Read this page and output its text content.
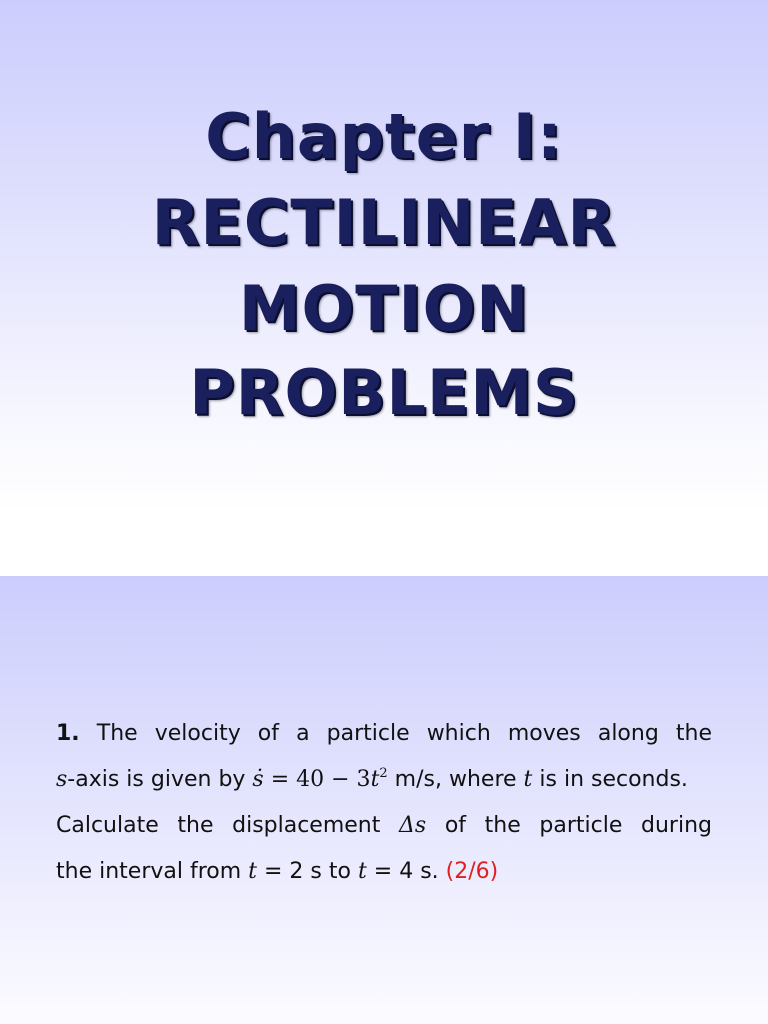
Chapter I:
RECTILINEAR
MOTION
PROBLEMS
1. The velocity of a particle which moves along the
s-axis is given by ṡ = $40 - 3t^2$ m/s, where t is in seconds.
Calculate the displacement Δs of the particle during
the interval from t = 2 s to t = 4 s. (2/6)
